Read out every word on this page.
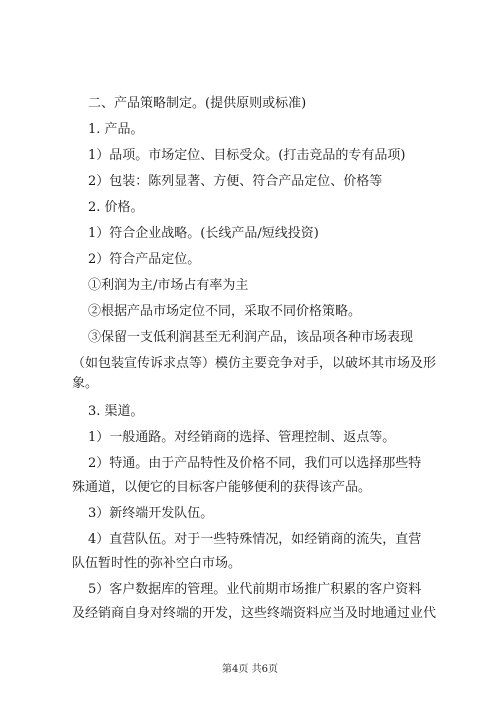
二、产品策略制定。(提供原则或标准)
1. 产品。
1）品项。市场定位、目标受众。(打击竞品的专有品项)
2）包装：陈列显著、方便、符合产品定位、价格等
2. 价格。
1）符合企业战略。(长线产品/短线投资)
2）符合产品定位。
①利润为主/市场占有率为主
②根据产品市场定位不同，采取不同价格策略。
③保留一支低利润甚至无利润产品，该品项各种市场表现
（如包装宣传诉求点等）模仿主要竞争对手，以破坏其市场及形
象。
3. 渠道。
1）一般通路。对经销商的选择、管理控制、返点等。
2）特通。由于产品特性及价格不同，我们可以选择那些特
殊通道，以便它的目标客户能够便利的获得该产品。
3）新终端开发队伍。
4）直营队伍。对于一些特殊情况，如经销商的流失，直营
队伍暂时性的弥补空白市场。
5）客户数据库的管理。业代前期市场推广积累的客户资料
及经销商自身对终端的开发，这些终端资料应当及时地通过业代
第4页 共6页
